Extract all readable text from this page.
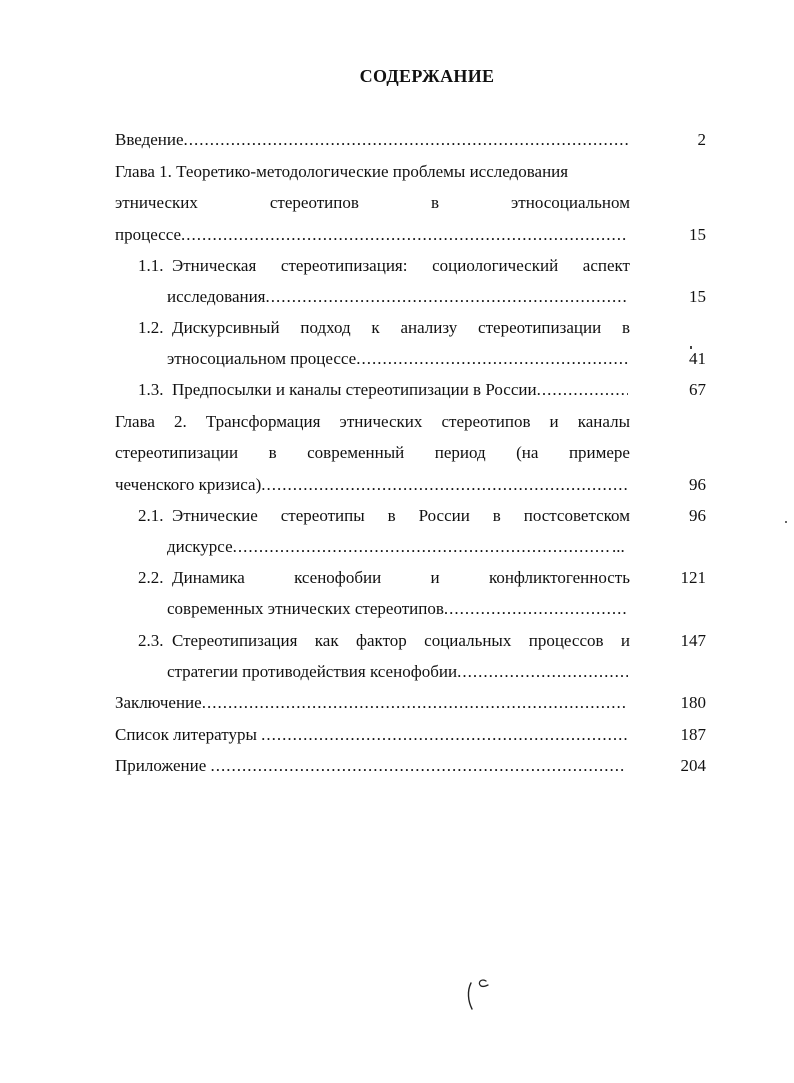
СОДЕРЖАНИЕ
Введение .....	2
Глава 1. Теоретико-методологические проблемы исследования
этнических	стереотипов	в	этносоциальном
процессе .....	15
1.1. Этническая стереотипизация: социологический аспект
исследования .....	15
1.2. Дискурсивный подход к анализу стереотипизации в
этносоциальном процессе .....	41
1.3. Предпосылки и каналы стереотипизации в России .....	67
Глава 2. Трансформация этнических стереотипов и каналы
стереотипизации в современный период (на примере
чеченского кризиса) .....	96
2.1. Этнические стереотипы в России в постсоветском	96
дискурсе .....	...
2.2. Динамика	ксенофобии	и	конфликтогенность	121
современных этнических стереотипов
.....
2.3. Стереотипизация как фактор социальных процессов и	147
стратегии противодействия ксенофобии
.....
Заключение .....	180
Список литературы
.....	187
Приложение
.....	204
